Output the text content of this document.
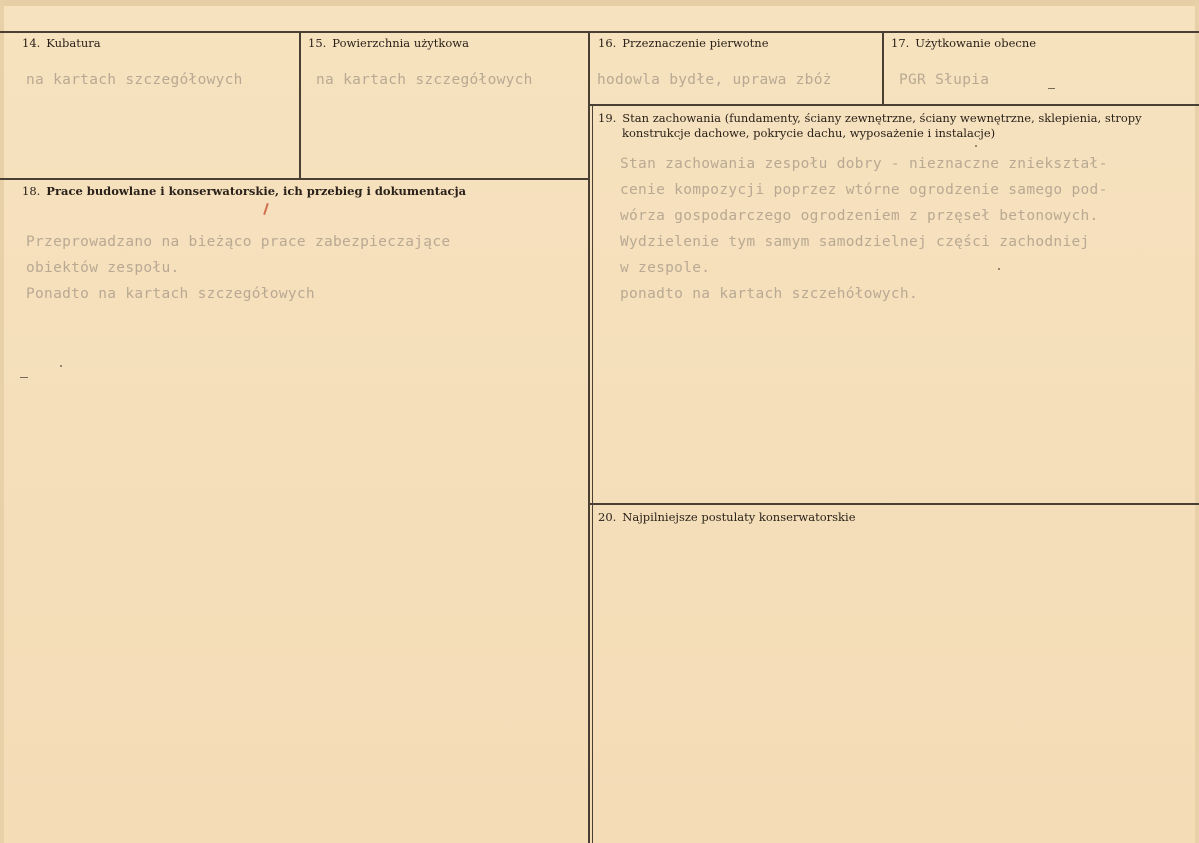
14. Kubatura
na kartach szczegółowych
15. Powierzchnia użytkowa
na kartach szczegółowych
16. Przeznaczenie pierwotne
hodowla bydłe, uprawa zbóż
17. Użytkowanie obecne
PGR Słupia
18. Prace budowlane i konserwatorskie, ich przebieg i dokumentacja
Przeprowadzano na bieżąco prace zabezpieczające
obiektów zespołu.
Ponadto na kartach szczegółowych
19. Stan zachowania (fundamenty, ściany zewnętrzne, ściany wewnętrzne, sklepienia, stropy
konstrukcje dachowe, pokrycie dachu, wyposażenie i instalacje)
Stan zachowania zespołu dobry - nieznaczne zniekształ-
cenie kompozycji poprzez wtórne ogrodzenie samego pod-
wórza gospodarczego ogrodzeniem z przęseł betonowych.
Wydzielenie tym samym samodzielnej części zachodniej
w zespole.
ponadto na kartach szczehółowych.
20. Najpilniejsze postulaty konserwatorskie
